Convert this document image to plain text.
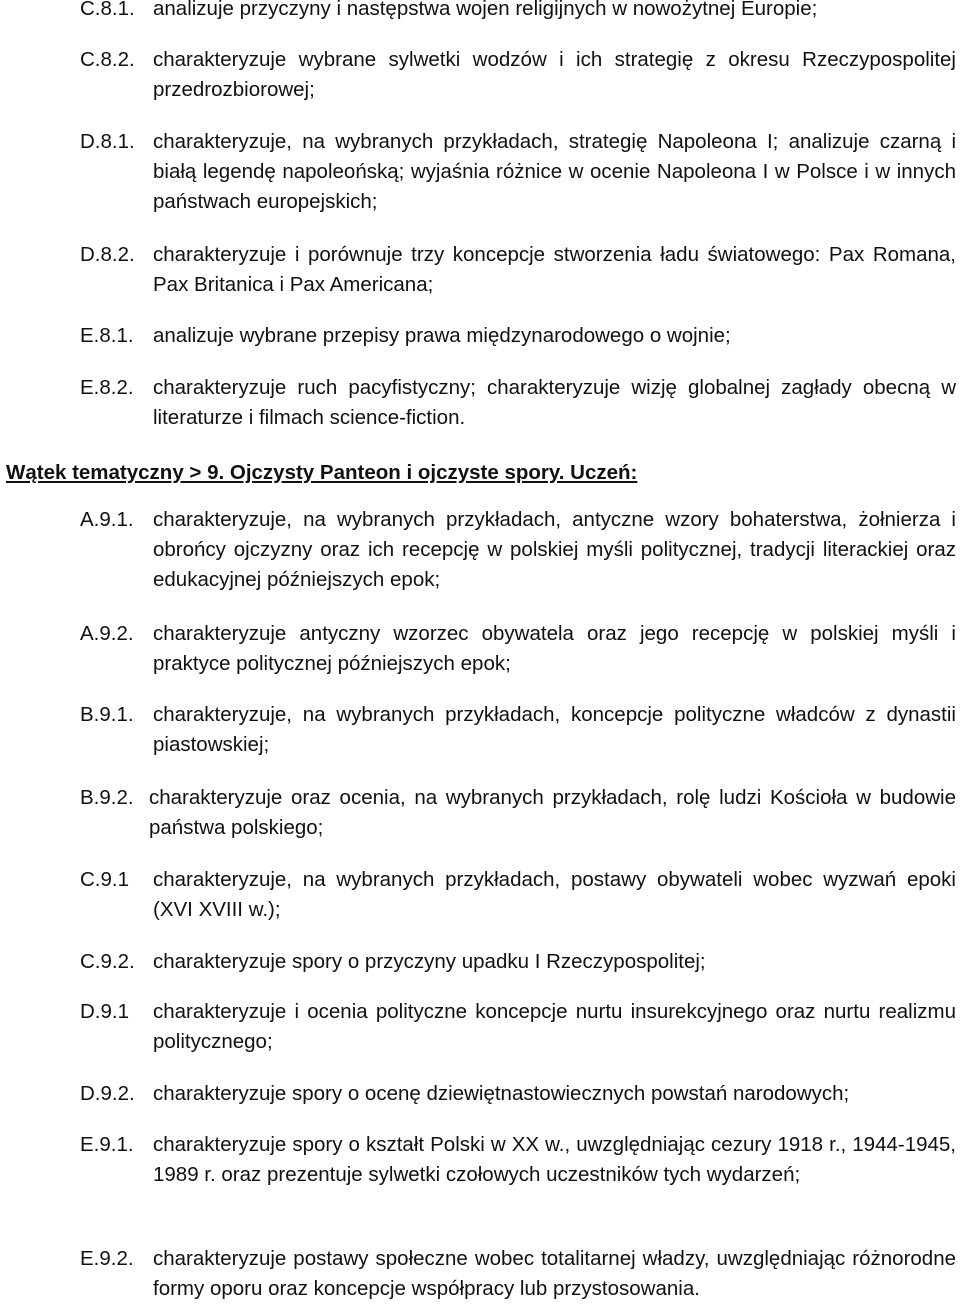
C.8.1. analizuje przyczyny i następstwa wojen religijnych w nowożytnej Europie;
C.8.2. charakteryzuje wybrane sylwetki wodzów i ich strategię z okresu Rzeczypospolitej przedrozbiorowej;
D.8.1. charakteryzuje, na wybranych przykładach, strategię Napoleona I; analizuje czarną i białą legendę napoleońską; wyjaśnia różnice w ocenie Napoleona I w Polsce i w innych państwach europejskich;
D.8.2. charakteryzuje i porównuje trzy koncepcje stworzenia ładu światowego: Pax Romana, Pax Britanica i Pax Americana;
E.8.1. analizuje wybrane przepisy prawa międzynarodowego o wojnie;
E.8.2. charakteryzuje ruch pacyfistyczny; charakteryzuje wizję globalnej zagłady obecną w literaturze i filmach science-fiction.
Wątek tematyczny > 9. Ojczysty Panteon i ojczyste spory. Uczeń:
A.9.1. charakteryzuje, na wybranych przykładach, antyczne wzory bohaterstwa, żołnierza i obrońcy ojczyzny oraz ich recepcję w polskiej myśli politycznej, tradycji literackiej oraz edukacyjnej późniejszych epok;
A.9.2. charakteryzuje antyczny wzorzec obywatela oraz jego recepcję w polskiej myśli i praktyce politycznej późniejszych epok;
B.9.1. charakteryzuje, na wybranych przykładach, koncepcje polityczne władców z dynastii piastowskiej;
B.9.2. charakteryzuje oraz ocenia, na wybranych przykładach, rolę ludzi Kościoła w budowie państwa polskiego;
C.9.1 charakteryzuje, na wybranych przykładach, postawy obywateli wobec wyzwań epoki (XVI XVIII w.);
C.9.2. charakteryzuje spory o przyczyny upadku I Rzeczypospolitej;
D.9.1 charakteryzuje i ocenia polityczne koncepcje nurtu insurekcyjnego oraz nurtu realizmu politycznego;
D.9.2. charakteryzuje spory o ocenę dziewiętnastowiecznych powstań narodowych;
E.9.1. charakteryzuje spory o kształt Polski w XX w., uwzględniając cezury 1918 r., 1944-1945, 1989 r. oraz prezentuje sylwetki czołowych uczestników tych wydarzeń;
E.9.2. charakteryzuje postawy społeczne wobec totalitarnej władzy, uwzględniając różnorodne formy oporu oraz koncepcje współpracy lub przystosowania.
